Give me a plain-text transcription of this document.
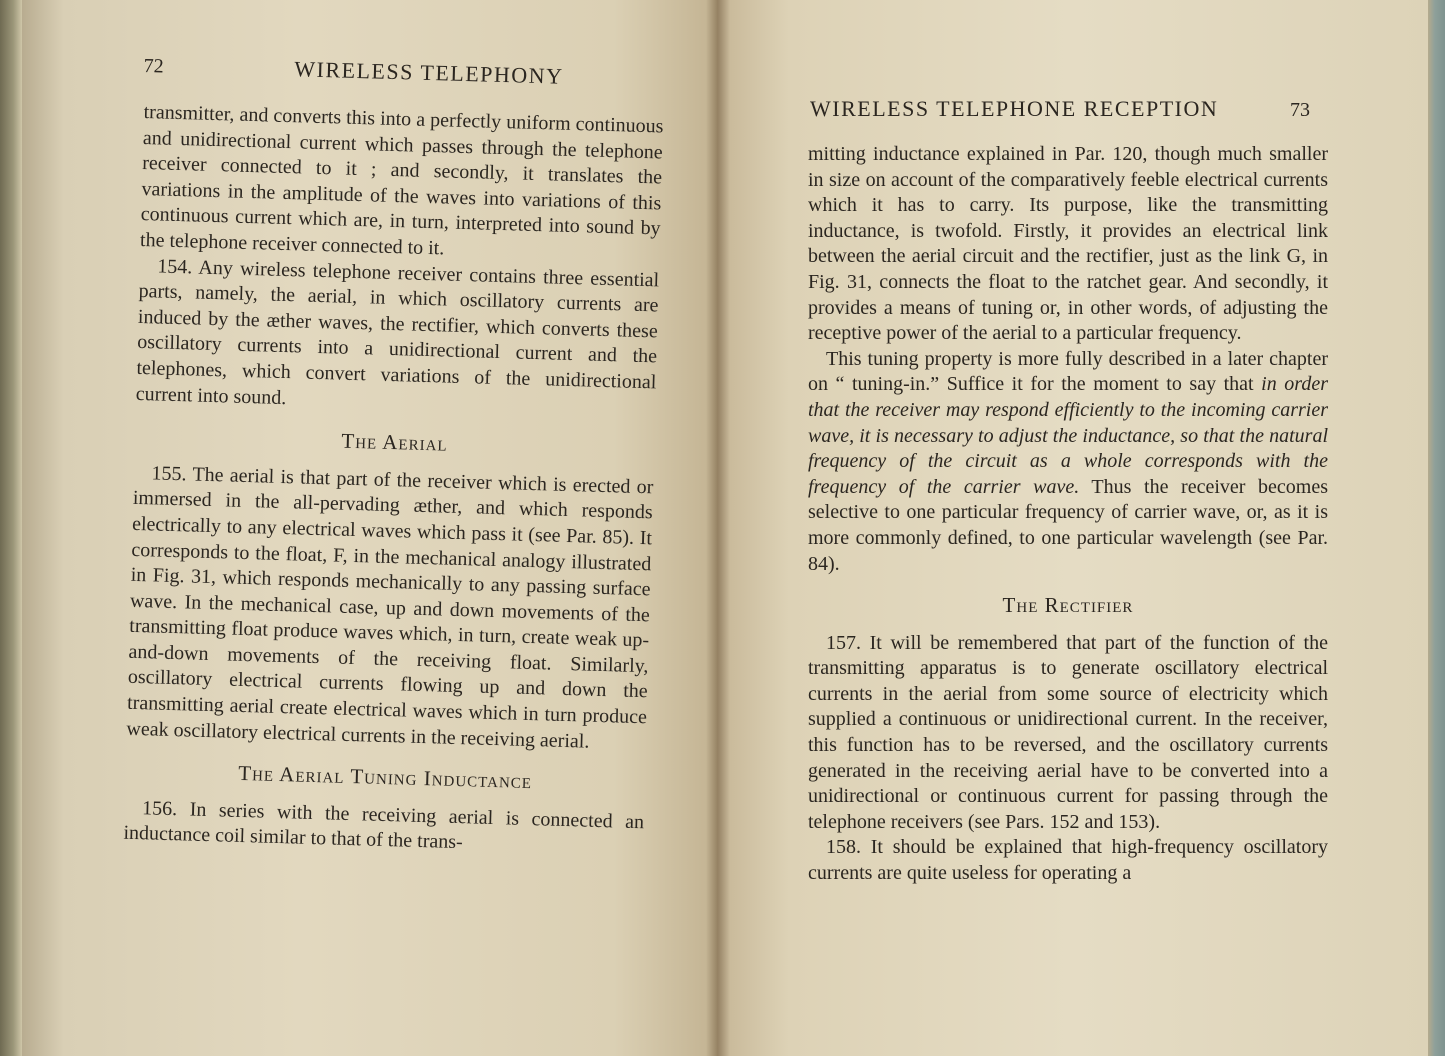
72	WIRELESS TELEPHONY

transmitter, and converts this into a perfectly uniform continuous and unidirectional current which passes through the telephone receiver connected to it ; and secondly, it translates the variations in the amplitude of the waves into variations of this continuous current which are, in turn, interpreted into sound by the telephone receiver connected to it.

154. Any wireless telephone receiver contains three essential parts, namely, the aerial, in which oscillatory currents are induced by the æther waves, the rectifier, which converts these oscillatory currents into a unidirectional current and the telephones, which convert variations of the unidirectional current into sound.

The Aerial

155. The aerial is that part of the receiver which is erected or immersed in the all-pervading æther, and which responds electrically to any electrical waves which pass it (see Par. 85). It corresponds to the float, F, in the mechanical analogy illustrated in Fig. 31, which responds mechanically to any passing surface wave. In the mechanical case, up and down movements of the transmitting float produce waves which, in turn, create weak up-and-down movements of the receiving float. Similarly, oscillatory electrical currents flowing up and down the transmitting aerial create electrical waves which in turn produce weak oscillatory electrical currents in the receiving aerial.

The Aerial Tuning Inductance

156. In series with the receiving aerial is connected an inductance coil similar to that of the trans-

WIRELESS TELEPHONE RECEPTION	73

mitting inductance explained in Par. 120, though much smaller in size on account of the comparatively feeble electrical currents which it has to carry. Its purpose, like the transmitting inductance, is twofold. Firstly, it provides an electrical link between the aerial circuit and the rectifier, just as the link G, in Fig. 31, connects the float to the ratchet gear. And secondly, it provides a means of tuning or, in other words, of adjusting the receptive power of the aerial to a particular frequency.

This tuning property is more fully described in a later chapter on “ tuning-in.” Suffice it for the moment to say that in order that the receiver may respond efficiently to the incoming carrier wave, it is necessary to adjust the inductance, so that the natural frequency of the circuit as a whole corresponds with the frequency of the carrier wave. Thus the receiver becomes selective to one particular frequency of carrier wave, or, as it is more commonly defined, to one particular wavelength (see Par. 84).

The Rectifier

157. It will be remembered that part of the function of the transmitting apparatus is to generate oscillatory electrical currents in the aerial from some source of electricity which supplied a continuous or unidirectional current. In the receiver, this function has to be reversed, and the oscillatory currents generated in the receiving aerial have to be converted into a unidirectional or continuous current for passing through the telephone receivers (see Pars. 152 and 153).

158. It should be explained that high-frequency oscillatory currents are quite useless for operating a
